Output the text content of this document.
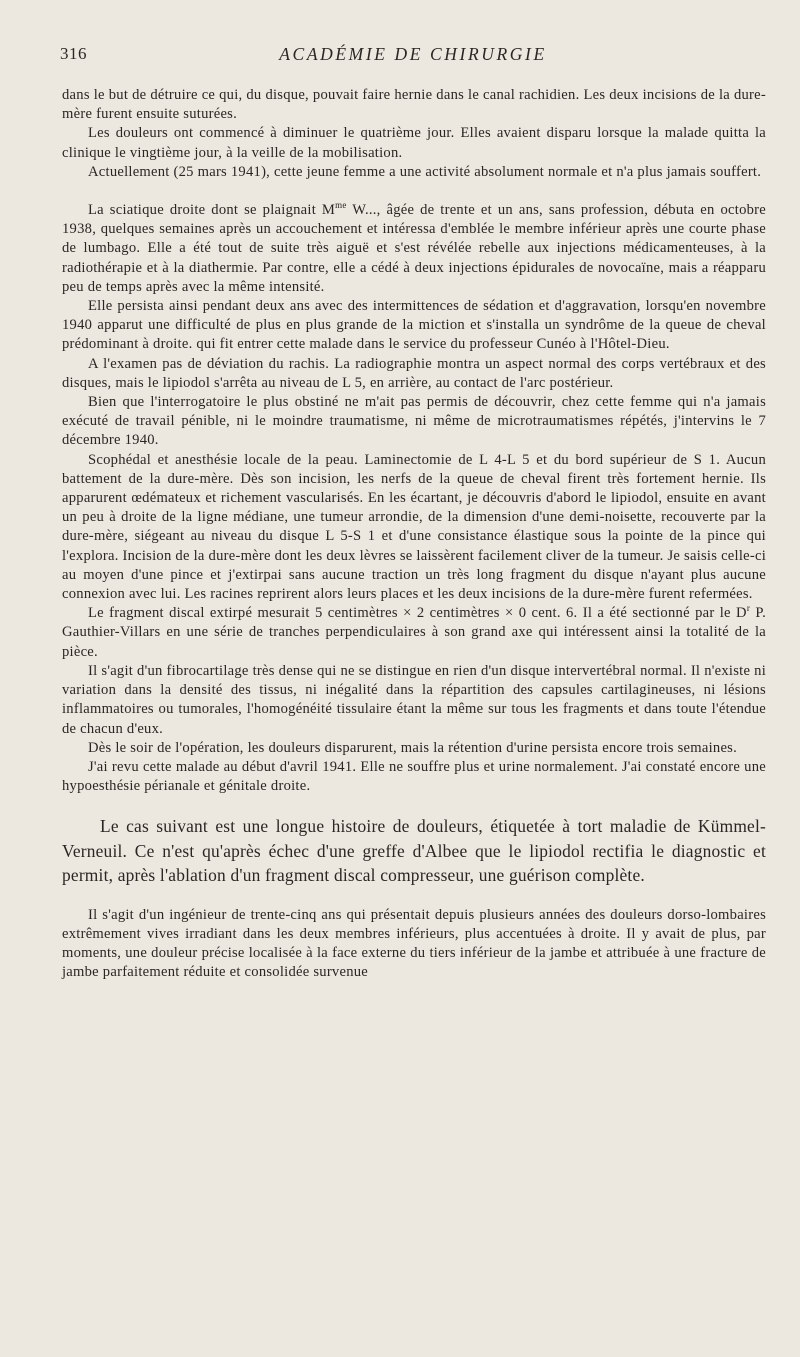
316	ACADÉMIE DE CHIRURGIE

dans le but de détruire ce qui, du disque, pouvait faire hernie dans le canal rachidien. Les deux incisions de la dure-mère furent ensuite suturées.

Les douleurs ont commencé à diminuer le quatrième jour. Elles avaient disparu lorsque la malade quitta la clinique le vingtième jour, à la veille de la mobilisation.

Actuellement (25 mars 1941), cette jeune femme a une activité absolument normale et n'a plus jamais souffert.

La sciatique droite dont se plaignait $M^{me}$ W..., âgée de trente et un ans, sans profession, débuta en octobre 1938, quelques semaines après un accouchement et intéressa d'emblée le membre inférieur après une courte phase de lumbago. Elle a été tout de suite très aiguë et s'est révélée rebelle aux injections médicamenteuses, à la radiothérapie et à la diathermie. Par contre, elle a cédé à deux injections épidurales de novocaïne, mais a réapparu peu de temps après avec la même intensité.

Elle persista ainsi pendant deux ans avec des intermittences de sédation et d'aggravation, lorsqu'en novembre 1940 apparut une difficulté de plus en plus grande de la miction et s'installa un syndrôme de la queue de cheval prédominant à droite. qui fit entrer cette malade dans le service du professeur Cunéo à l'Hôtel-Dieu.

A l'examen pas de déviation du rachis. La radiographie montra un aspect normal des corps vertébraux et des disques, mais le lipiodol s'arrêta au niveau de L 5, en arrière, au contact de l'arc postérieur.

Bien que l'interrogatoire le plus obstiné ne m'ait pas permis de découvrir, chez cette femme qui n'a jamais exécuté de travail pénible, ni le moindre traumatisme, ni même de microtraumatismes répétés, j'intervins le 7 décembre 1940.

Scophédal et anesthésie locale de la peau. Laminectomie de L 4-L 5 et du bord supérieur de S 1. Aucun battement de la dure-mère. Dès son incision, les nerfs de la queue de cheval firent très fortement hernie. Ils apparurent œdémateux et richement vascularisés. En les écartant, je découvris d'abord le lipiodol, ensuite en avant un peu à droite de la ligne médiane, une tumeur arrondie, de la dimension d'une demi-noisette, recouverte par la dure-mère, siégeant au niveau du disque L 5-S 1 et d'une consistance élastique sous la pointe de la pince qui l'explora. Incision de la dure-mère dont les deux lèvres se laissèrent facilement cliver de la tumeur. Je saisis celle-ci au moyen d'une pince et j'extirpai sans aucune traction un très long fragment du disque n'ayant plus aucune connexion avec lui. Les racines reprirent alors leurs places et les deux incisions de la dure-mère furent refermées.

Le fragment discal extirpé mesurait 5 centimètres × 2 centimètres × 0 cent. 6. Il a été sectionné par le $D^r$ P. Gauthier-Villars en une série de tranches perpendiculaires à son grand axe qui intéressent ainsi la totalité de la pièce.

Il s'agit d'un fibrocartilage très dense qui ne se distingue en rien d'un disque intervertébral normal. Il n'existe ni variation dans la densité des tissus, ni inégalité dans la répartition des capsules cartilagineuses, ni lésions inflammatoires ou tumorales, l'homogénéité tissulaire étant la même sur tous les fragments et dans toute l'étendue de chacun d'eux.

Dès le soir de l'opération, les douleurs disparurent, mais la rétention d'urine persista encore trois semaines.

J'ai revu cette malade au début d'avril 1941. Elle ne souffre plus et urine normalement. J'ai constaté encore une hypoesthésie périanale et génitale droite.

Le cas suivant est une longue histoire de douleurs, étiquetée à tort maladie de Kümmel-Verneuil. Ce n'est qu'après échec d'une greffe d'Albee que le lipiodol rectifia le diagnostic et permit, après l'ablation d'un fragment discal compresseur, une guérison complète.

Il s'agit d'un ingénieur de trente-cinq ans qui présentait depuis plusieurs années des douleurs dorso-lombaires extrêmement vives irradiant dans les deux membres inférieurs, plus accentuées à droite. Il y avait de plus, par moments, une douleur précise localisée à la face externe du tiers inférieur de la jambe et attribuée à une fracture de jambe parfaitement réduite et consolidée survenue
